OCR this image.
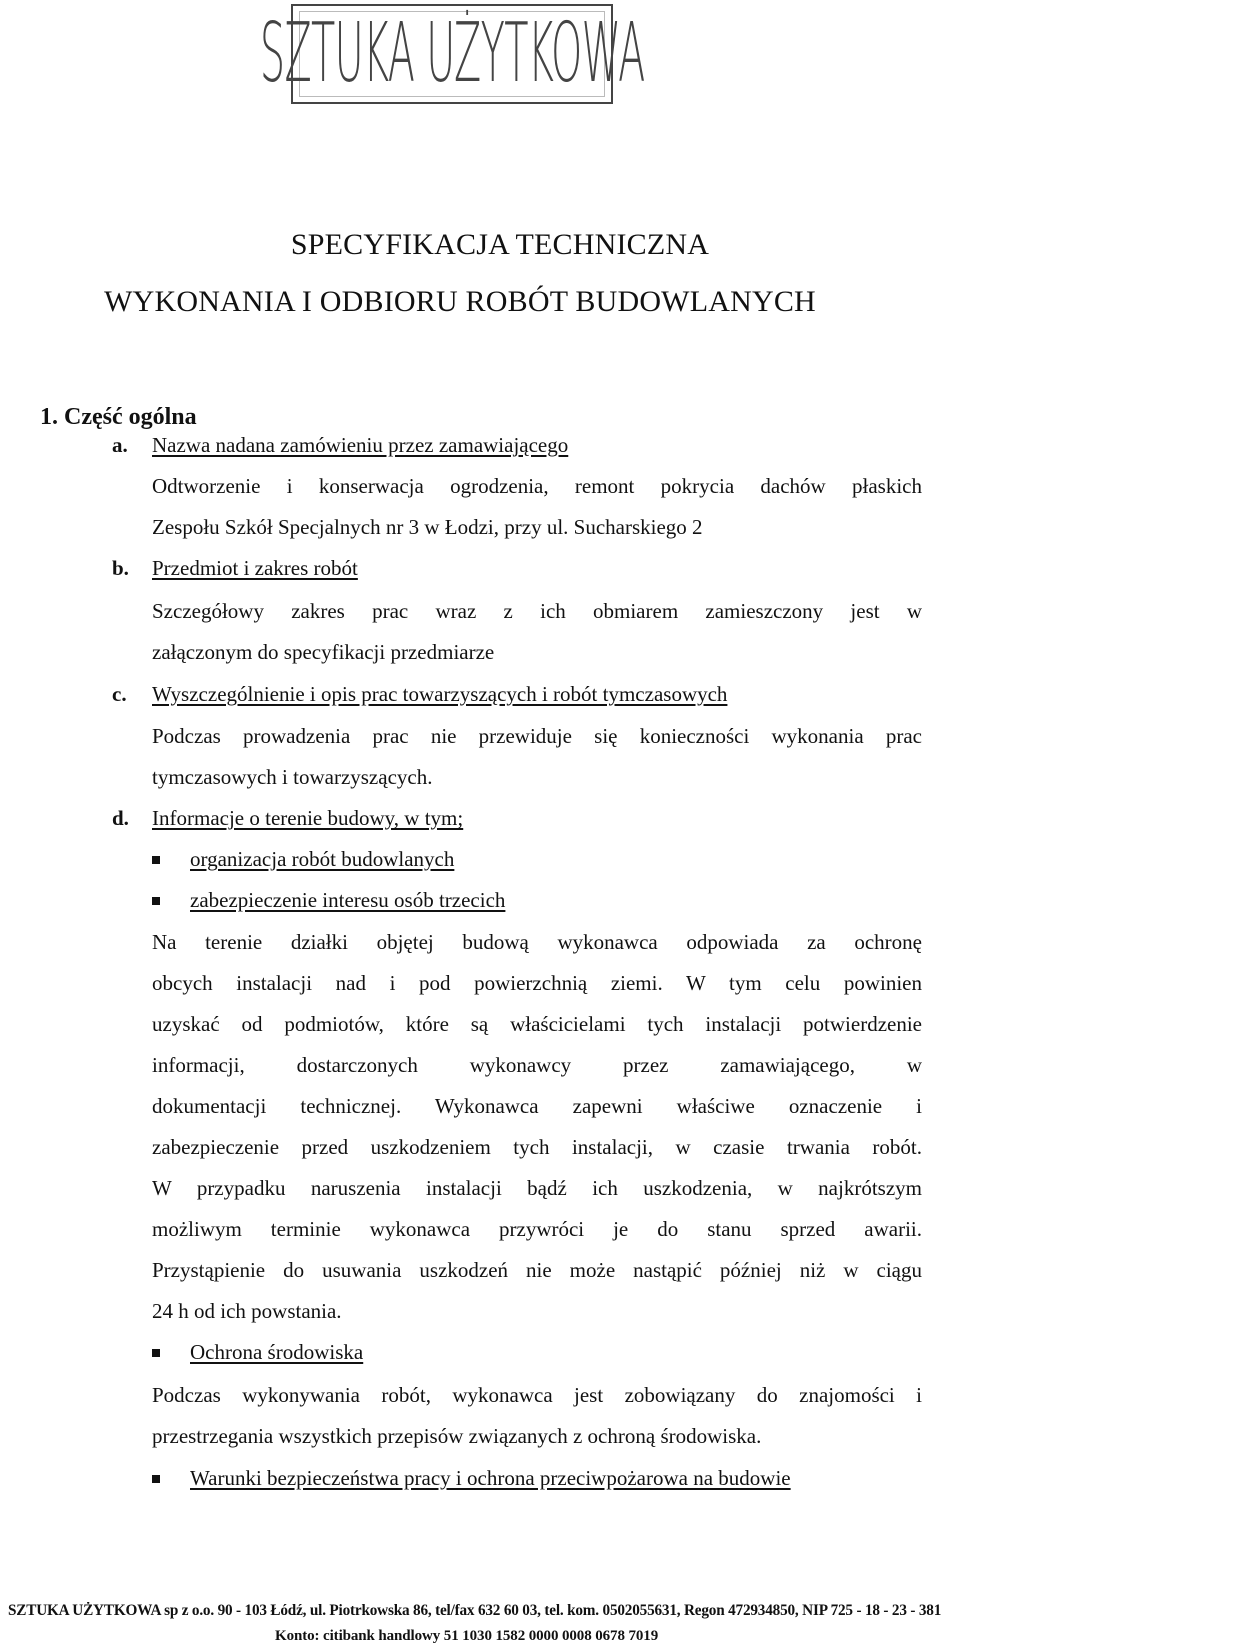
SZTUKA UŻYTKOWA
SPECYFIKACJA TECHNICZNA
WYKONANIA I ODBIORU ROBÓT BUDOWLANYCH
1. Część ogólna
a. Nazwa nadana zamówieniu przez zamawiającego
Odtworzenie i konserwacja ogrodzenia, remont pokrycia dachów płaskich
Zespołu Szkół Specjalnych nr 3 w Łodzi, przy ul. Sucharskiego 2
b. Przedmiot i zakres robót
Szczegółowy zakres prac wraz z ich obmiarem zamieszczony jest w
załączonym do specyfikacji przedmiarze
c. Wyszczególnienie i opis prac towarzyszących i robót tymczasowych
Podczas prowadzenia prac nie przewiduje się konieczności wykonania prac
tymczasowych i towarzyszących.
d. Informacje o terenie budowy, w tym;
organizacja robót budowlanych
zabezpieczenie interesu osób trzecich
Na terenie działki objętej budową wykonawca odpowiada za ochronę
obcych instalacji nad i pod powierzchnią ziemi. W tym celu powinien
uzyskać od podmiotów, które są właścicielami tych instalacji potwierdzenie
informacji, dostarczonych wykonawcy przez zamawiającego, w
dokumentacji technicznej. Wykonawca zapewni właściwe oznaczenie i
zabezpieczenie przed uszkodzeniem tych instalacji, w czasie trwania robót.
W przypadku naruszenia instalacji bądź ich uszkodzenia, w najkrótszym
możliwym terminie wykonawca przywróci je do stanu sprzed awarii.
Przystąpienie do usuwania uszkodzeń nie może nastąpić później niż w ciągu
24 h od ich powstania.
Ochrona środowiska
Podczas wykonywania robót, wykonawca jest zobowiązany do znajomości i
przestrzegania wszystkich przepisów związanych z ochroną środowiska.
Warunki bezpieczeństwa pracy i ochrona przeciwpożarowa na budowie
SZTUKA UŻYTKOWA sp z o.o. 90 - 103 Łódź, ul. Piotrkowska 86, tel/fax 632 60 03, tel. kom. 0502055631, Regon 472934850, NIP 725 - 18 - 23 - 381
Konto: citibank handlowy 51 1030 1582 0000 0008 0678 7019
